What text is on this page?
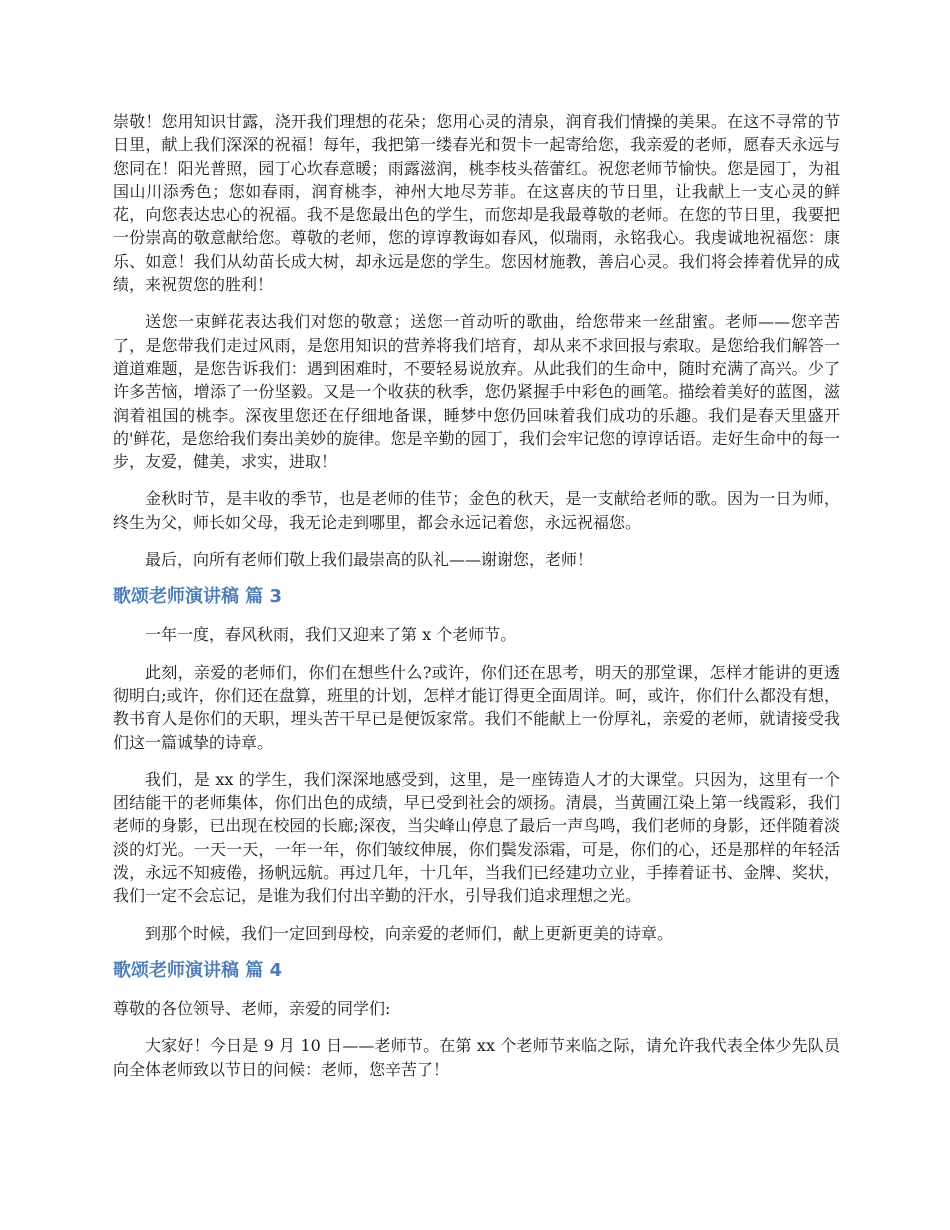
崇敬！您用知识甘露，浇开我们理想的花朵；您用心灵的清泉，润育我们情操的美果。在这不寻常的节日里，献上我们深深的祝福！每年，我把第一缕春光和贺卡一起寄给您，我亲爱的老师，愿春天永远与您同在！阳光普照，园丁心坎春意暖；雨露滋润，桃李枝头蓓蕾红。祝您老师节愉快。您是园丁，为祖国山川添秀色；您如春雨，润育桃李，神州大地尽芳菲。在这喜庆的节日里，让我献上一支心灵的鲜花，向您表达忠心的祝福。我不是您最出色的学生，而您却是我最尊敬的老师。在您的节日里，我要把一份崇高的敬意献给您。尊敬的老师，您的谆谆教诲如春风，似瑞雨，永铭我心。我虔诚地祝福您：康乐、如意！我们从幼苗长成大树，却永远是您的学生。您因材施教，善启心灵。我们将会捧着优异的成绩，来祝贺您的胜利！

送您一束鲜花表达我们对您的敬意；送您一首动听的歌曲，给您带来一丝甜蜜。老师——您辛苦了，是您带我们走过风雨，是您用知识的营养将我们培育，却从来不求回报与索取。是您给我们解答一道道难题，是您告诉我们：遇到困难时，不要轻易说放弃。从此我们的生命中，随时充满了高兴。少了许多苦恼，增添了一份坚毅。又是一个收获的秋季，您仍紧握手中彩色的画笔。描绘着美好的蓝图，滋润着祖国的桃李。深夜里您还在仔细地备课，睡梦中您仍回味着我们成功的乐趣。我们是春天里盛开的'鲜花，是您给我们奏出美妙的旋律。您是辛勤的园丁，我们会牢记您的谆谆话语。走好生命中的每一步，友爱，健美，求实，进取！

金秋时节，是丰收的季节，也是老师的佳节；金色的秋天，是一支献给老师的歌。因为一日为师，终生为父，师长如父母，我无论走到哪里，都会永远记着您，永远祝福您。

最后，向所有老师们敬上我们最崇高的队礼——谢谢您，老师！

歌颂老师演讲稿 篇 3

一年一度，春风秋雨，我们又迎来了第 x 个老师节。

此刻，亲爱的老师们，你们在想些什么?或许，你们还在思考，明天的那堂课，怎样才能讲的更透彻明白;或许，你们还在盘算，班里的计划，怎样才能订得更全面周详。呵，或许，你们什么都没有想，教书育人是你们的天职，埋头苦干早已是便饭家常。我们不能献上一份厚礼，亲爱的老师，就请接受我们这一篇诚挚的诗章。

我们，是 xx 的学生，我们深深地感受到，这里，是一座铸造人才的大课堂。只因为，这里有一个团结能干的老师集体，你们出色的成绩，早已受到社会的颂扬。清晨，当黄圃江染上第一线霞彩，我们老师的身影，已出现在校园的长廊;深夜，当尖峰山停息了最后一声鸟鸣，我们老师的身影，还伴随着淡淡的灯光。一天一天，一年一年，你们皱纹伸展，你们鬓发添霜，可是，你们的心，还是那样的年轻活泼，永远不知疲倦，扬帆远航。再过几年，十几年，当我们已经建功立业，手捧着证书、金牌、奖状，我们一定不会忘记，是谁为我们付出辛勤的汗水，引导我们追求理想之光。

到那个时候，我们一定回到母校，向亲爱的老师们，献上更新更美的诗章。

歌颂老师演讲稿 篇 4

尊敬的各位领导、老师，亲爱的同学们:

大家好！今日是 9 月 10 日——老师节。在第 xx 个老师节来临之际，请允许我代表全体少先队员向全体老师致以节日的问候：老师，您辛苦了！
